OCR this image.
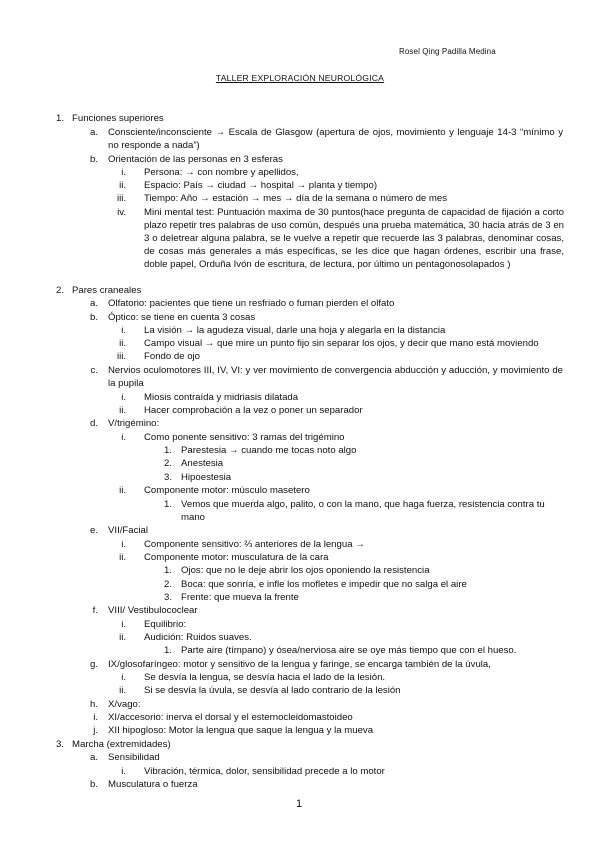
Rosel Qing Padilla Medina
TALLER EXPLORACIÓN NEUROLÓGICA
1. Funciones superiores
a. Consciente/inconsciente → Escala de Glasgow (apertura de ojos, movimiento y lenguaje 14-3 “mínimo y no responde a nada”)
b. Orientación de las personas en 3 esferas
i. Persona: → con nombre y apellidos,
ii. Espacio: País → ciudad → hospital → planta y tiempo)
iii. Tiempo: Año → estación → mes → día de la semana o número de mes
iv. Mini mental test: Puntuación maxima de 30 puntos(hace pregunta de capacidad de fijación a corto plazo repetir tres palabras de uso común, después una prueba matemática, 30 hacia atrás de 3 en 3 o deletrear alguna palabra, se le vuelve a repetir que recuerde las 3 palabras, denominar cosas, de cosas más generales a más específicas, se les dice que hagan órdenes, escribir una frase, doble papel, Orduña Ivón de escritura, de lectura, por último un pentagonosolapados )
2. Pares craneales
a. Olfatorio: pacientes que tiene un resfriado o fuman pierden el olfato
b. Óptico: se tiene en cuenta 3 cosas
i. La visión → la agudeza visual, darle una hoja y alegarla en la distancia
ii. Campo visual → que mire un punto fijo sin separar los ojos, y decir que mano está moviendo
iii. Fondo de ojo
c. Nervios oculomotores III, IV, VI: y ver movimiento de convergencia abducción y aducción, y movimiento de la pupila
i. Miosis contraída y midriasis dilatada
ii. Hacer comprobación a la vez o poner un separador
d. V/trigémino:
i. Como ponente sensitivo: 3 ramas del trigémino
1. Parestesia → cuando me tocas noto algo
2. Anestesia
3. Hipoestesia
ii. Componente motor: músculo masetero
1. Vemos que muerda algo, palito, o con la mano, que haga fuerza, resistencia contra tu mano
e. VII/Facial
i. Componente sensitivo: ⅔ anteriores de la lengua →
ii. Componente motor: musculatura de la cara
1. Ojos: que no le deje abrir los ojos oponiendo la resistencia
2. Boca: que sonría, e infle los mofletes e impedir que no salga el aire
3. Frente: que mueva la frente
f. VIII/ Vestibulococlear
i. Equilibrio:
ii. Audición: Ruidos suaves.
1. Parte aire (tímpano) y ósea/nerviosa aire se oye más tiempo que con el hueso.
g. IX/glosofaríngeo: motor y sensitivo de la lengua y faringe, se encarga también de la úvula,
i. Se desvía la lengua, se desvía hacia el lado de la lesión.
ii. Si se desvía la úvula, se desvía al lado contrario de la lesión
h. X/vago:
i. XI/accesorio: inerva el dorsal y el esternocleidomastoideo
j. XII hipogloso: Motor la lengua que saque la lengua y la mueva
3. Marcha (extremidades)
a. Sensibilidad
i. Vibración, térmica, dolor, sensibilidad precede a lo motor
b. Musculatura o fuerza
1
